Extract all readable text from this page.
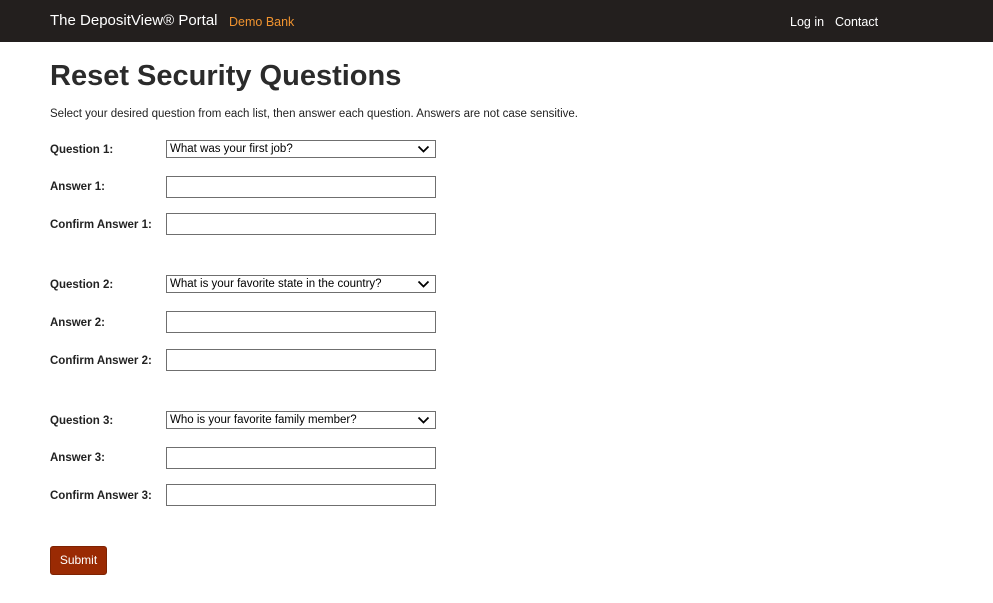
The DepositView® Portal Demo Bank	Log in Contact
Reset Security Questions

Select your desired question from each list, then answer each question. Answers are not case sensitive.

Question 1:	What was your first job?
Answer 1:
Confirm Answer 1:
Question 2:	What is your favorite state in the country?
Answer 2:
Confirm Answer 2:
Question 3:	Who is your favorite family member?
Answer 3:
Confirm Answer 3:
Submit
